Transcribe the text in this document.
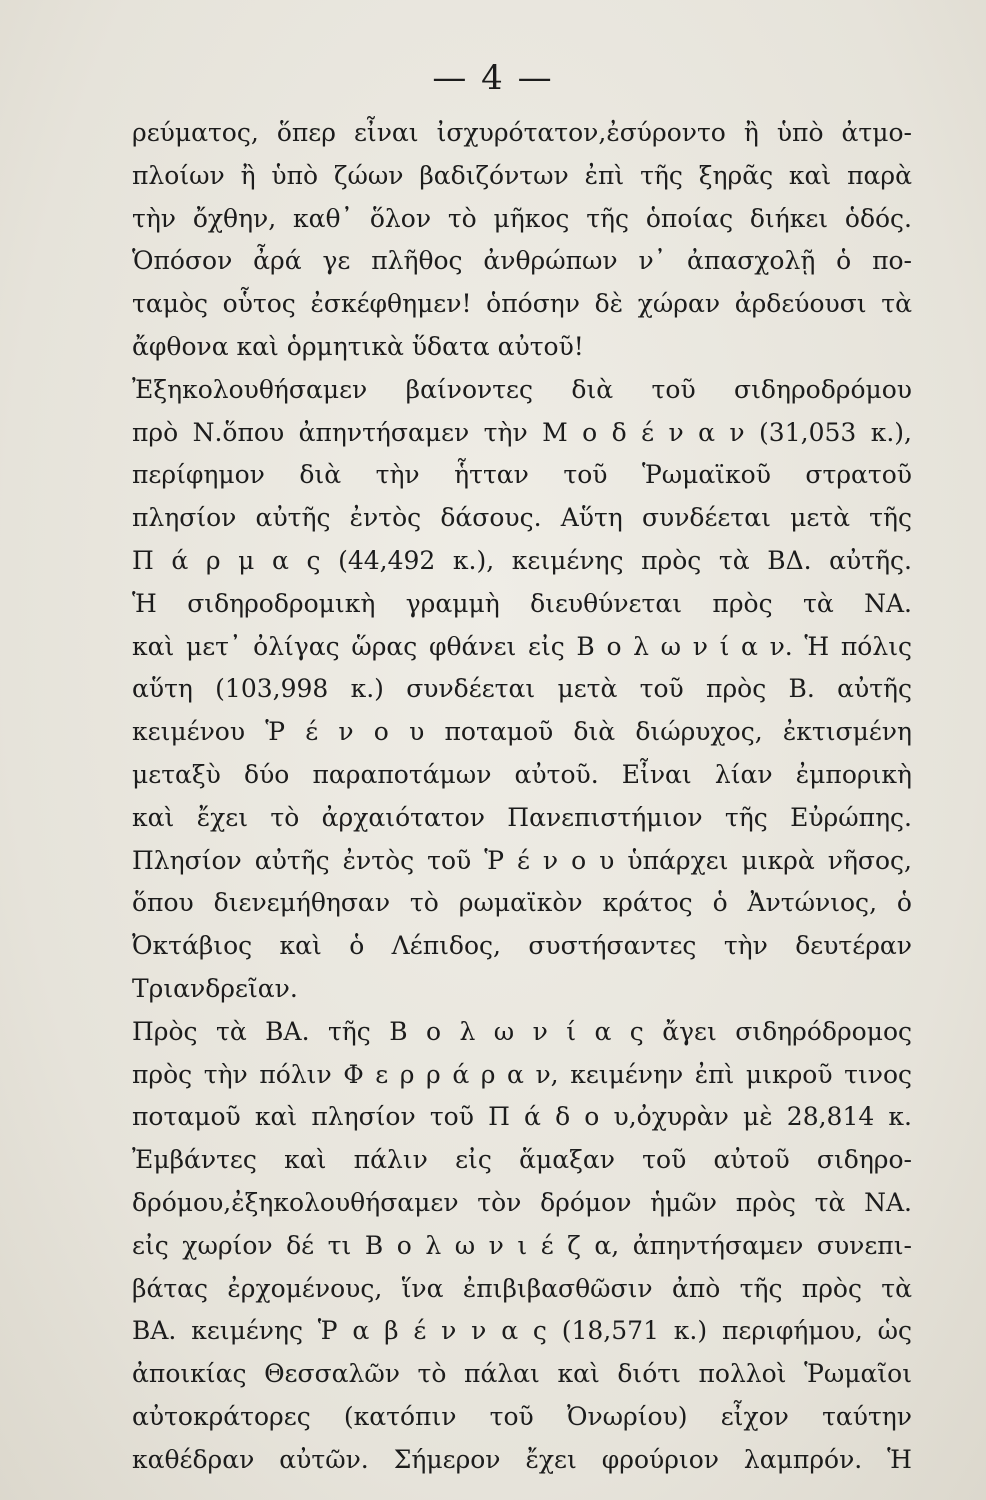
— 4 —
ρεύματος, ὅπερ εἶναι ἰσχυρότατον,ἐσύροντο ἢ ὑπὸ ἀτμο-
πλοίων ἢ ὑπὸ ζώων βαδιζόντων ἐπὶ τῆς ξηρᾶς καὶ παρὰ
τὴν ὄχθην, καθ᾽ ὅλον τὸ μῆκος τῆς ὁποίας διήκει ὁδός.
Ὁπόσον ἆρά γε πλῆθος ἀνθρώπων ν᾽ ἀπασχολῇ ὁ πο-
ταμὸς οὗτος ἐσκέφθημεν! ὁπόσην δὲ χώραν ἀρδεύουσι τὰ
ἄφθονα καὶ ὁρμητικὰ ὕδατα αὐτοῦ!
Ἐξηκολουθήσαμεν βαίνοντες διὰ τοῦ σιδηροδρόμου
πρὸ Ν.ὅπου ἀπηντήσαμεν τὴν Μ ο δ έ ν α ν (31,053 κ.),
περίφημον διὰ τὴν ἧτταν τοῦ Ῥωμαϊκοῦ στρατοῦ
πλησίον αὐτῆς ἐντὸς δάσους. Αὕτη συνδέεται μετὰ τῆς
Π ά ρ μ α ς (44,492 κ.), κειμένης πρὸς τὰ ΒΔ. αὐτῆς.
Ἡ σιδηροδρομικὴ γραμμὴ διευθύνεται πρὸς τὰ ΝΑ.
καὶ μετ᾽ ὀλίγας ὥρας φθάνει εἰς Β ο λ ω ν ί α ν. Ἡ πόλις
αὕτη (103,998 κ.) συνδέεται μετὰ τοῦ πρὸς Β. αὐτῆς
κειμένου Ῥ έ ν ο υ ποταμοῦ διὰ διώρυχος, ἐκτισμένη
μεταξὺ δύο παραποτάμων αὐτοῦ. Εἶναι λίαν ἐμπορικὴ
καὶ ἔχει τὸ ἀρχαιότατον Πανεπιστήμιον τῆς Εὐρώπης.
Πλησίον αὐτῆς ἐντὸς τοῦ Ῥ έ ν ο υ ὑπάρχει μικρὰ νῆσος,
ὅπου διενεμήθησαν τὸ ρωμαϊκὸν κράτος ὁ Ἀντώνιος, ὁ
Ὀκτάβιος καὶ ὁ Λέπιδος, συστήσαντες τὴν δευτέραν
Τριανδρεῖαν.
Πρὸς τὰ ΒΑ. τῆς Β ο λ ω ν ί α ς ἄγει σιδηρόδρομος
πρὸς τὴν πόλιν Φ ε ρ ρ ά ρ α ν, κειμένην ἐπὶ μικροῦ τινος
ποταμοῦ καὶ πλησίον τοῦ Π ά δ ο υ,ὀχυρὰν μὲ 28,814 κ.
Ἐμβάντες καὶ πάλιν εἰς ἅμαξαν τοῦ αὐτοῦ σιδηρο-
δρόμου,ἐξηκολουθήσαμεν τὸν δρόμον ἡμῶν πρὸς τὰ ΝΑ.
εἰς χωρίον δέ τι Β ο λ ω ν ι έ ζ α, ἀπηντήσαμεν συνεπι-
βάτας ἐρχομένους, ἵνα ἐπιβιβασθῶσιν ἀπὸ τῆς πρὸς τὰ
ΒΑ. κειμένης Ῥ α β έ ν ν α ς (18,571 κ.) περιφήμου, ὡς
ἀποικίας Θεσσαλῶν τὸ πάλαι καὶ διότι πολλοὶ Ῥωμαῖοι
αὐτοκράτορες (κατόπιν τοῦ Ὀνωρίου) εἶχον ταύτην
καθέδραν αὐτῶν. Σήμερον ἔχει φρούριον λαμπρόν. Ἡ
